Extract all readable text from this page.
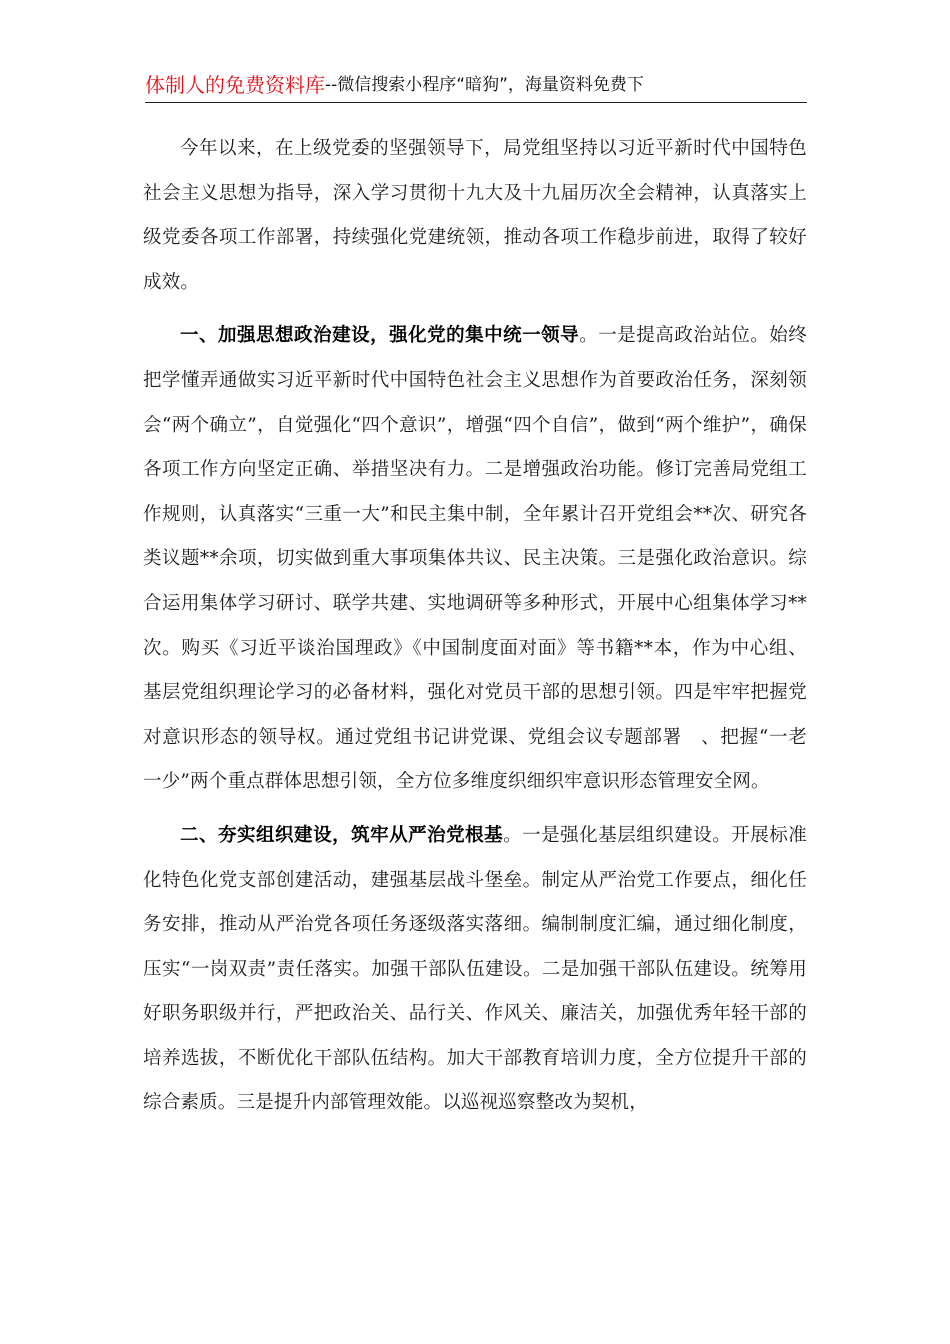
体制人的免费资料库--微信搜索小程序“暗狗”，海量资料免费下

今年以来，在上级党委的坚强领导下，局党组坚持以习近平新时代中国特色社会主义思想为指导，深入学习贯彻十九大及十九届历次全会精神，认真落实上级党委各项工作部署，持续强化党建统领，推动各项工作稳步前进，取得了较好成效。

一、加强思想政治建设，强化党的集中统一领导。一是提高政治站位。始终把学懂弄通做实习近平新时代中国特色社会主义思想作为首要政治任务，深刻领会“两个确立”，自觉强化“四个意识”，增强“四个自信”，做到“两个维护”，确保各项工作方向坚定正确、举措坚决有力。二是增强政治功能。修订完善局党组工作规则，认真落实“三重一大”和民主集中制，全年累计召开党组会**次、研究各类议题**余项，切实做到重大事项集体共议、民主决策。三是强化政治意识。综合运用集体学习研讨、联学共建、实地调研等多种形式，开展中心组集体学习**次。购买《习近平谈治国理政》《中国制度面对面》等书籍**本，作为中心组、基层党组织理论学习的必备材料，强化对党员干部的思想引领。四是牢牢把握党对意识形态的领导权。通过党组书记讲党课、党组会议专题部署　、把握“一老一少”两个重点群体思想引领，全方位多维度织细织牢意识形态管理安全网。

二、夯实组织建设，筑牢从严治党根基。一是强化基层组织建设。开展标准化特色化党支部创建活动，建强基层战斗堡垒。制定从严治党工作要点，细化任务安排，推动从严治党各项任务逐级落实落细。编制制度汇编，通过细化制度，压实“一岗双责”责任落实。加强干部队伍建设。二是加强干部队伍建设。统筹用好职务职级并行，严把政治关、品行关、作风关、廉洁关，加强优秀年轻干部的培养选拔，不断优化干部队伍结构。加大干部教育培训力度，全方位提升干部的综合素质。三是提升内部管理效能。以巡视巡察整改为契机，
